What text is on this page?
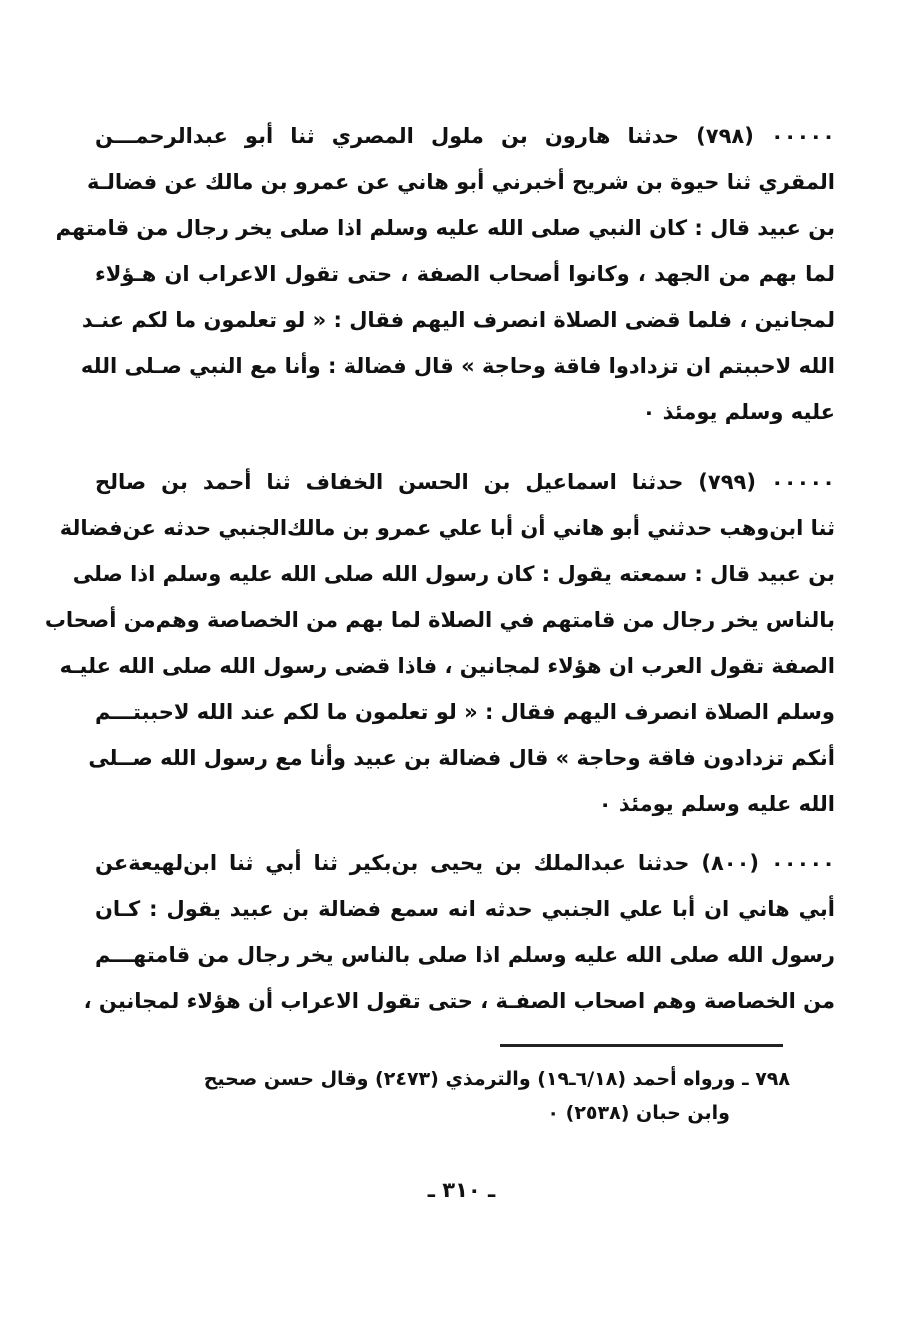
٠٠٠٠٠ (٧٩٨) حدثنا هارون بن ملول المصري ثنا أبو عبدالرحمـــن
المقري ثنا حيوة بن شريح أخبرني أبو هاني عن عمرو بن مالك عن فضالـة
بن عبيد قال : كان النبي صلى الله عليه وسلم اذا صلى يخر رجال من قامتهم
لما بهم من الجهد ، وكانوا أصحاب الصفة ، حتى تقول الاعراب ان هـؤلاء
لمجانين ، فلما قضى الصلاة انصرف اليهم فقال : « لو تعلمون ما لكم عنـد
الله لاحببتم ان تزدادوا فاقة وحاجة » قال فضالة : وأنا مع النبي صـلى الله
عليه وسلم يومئذ ٠
٠٠٠٠٠ (٧٩٩) حدثنا اسماعيل بن الحسن الخفاف ثنا أحمد بن صالح
ثنا ابن‌وهب حدثني أبو هاني أن أبا علي عمرو بن مالك‌الجنبي حدثه عن‌فضالة
بن عبيد قال : سمعته يقول : كان رسول الله صلى الله عليه وسلم اذا صلى
بالناس يخر رجال من قامتهم في الصلاة لما بهم من الخصاصة وهم‌من أصحاب
الصفة تقول العرب ان هؤلاء لمجانين ، فاذا قضى رسول الله صلى الله عليـه
وسلم الصلاة انصرف اليهم فقال : « لو تعلمون ما لكم عند الله لاحببتـــم
أنكم تزدادون فاقة وحاجة » قال فضالة بن عبيد وأنا مع رسول الله صــلى
الله عليه وسلم يومئذ ٠
٠٠٠٠٠ (٨٠٠) حدثنا عبدالملك بن يحيى بن‌بكير ثنا أبي ثنا ابن‌لهيعة‌عن
أبي هاني ان أبا علي الجنبي حدثه انه سمع فضالة بن عبيد يقول : كـان
رسول الله صلى الله عليه وسلم اذا صلى بالناس يخر رجال من قامتهـــم
من الخصاصة وهم اصحاب الصفـة ، حتى تقول الاعراب أن هؤلاء لمجانين ،
٧٩٨ ـ ورواه أحمد (٦/١٨ـ١٩) والترمذي (٢٤٧٣) وقال حسن صحيح
وابن حبان (٢٥٣٨) ٠
ـ ٣١٠ ـ
